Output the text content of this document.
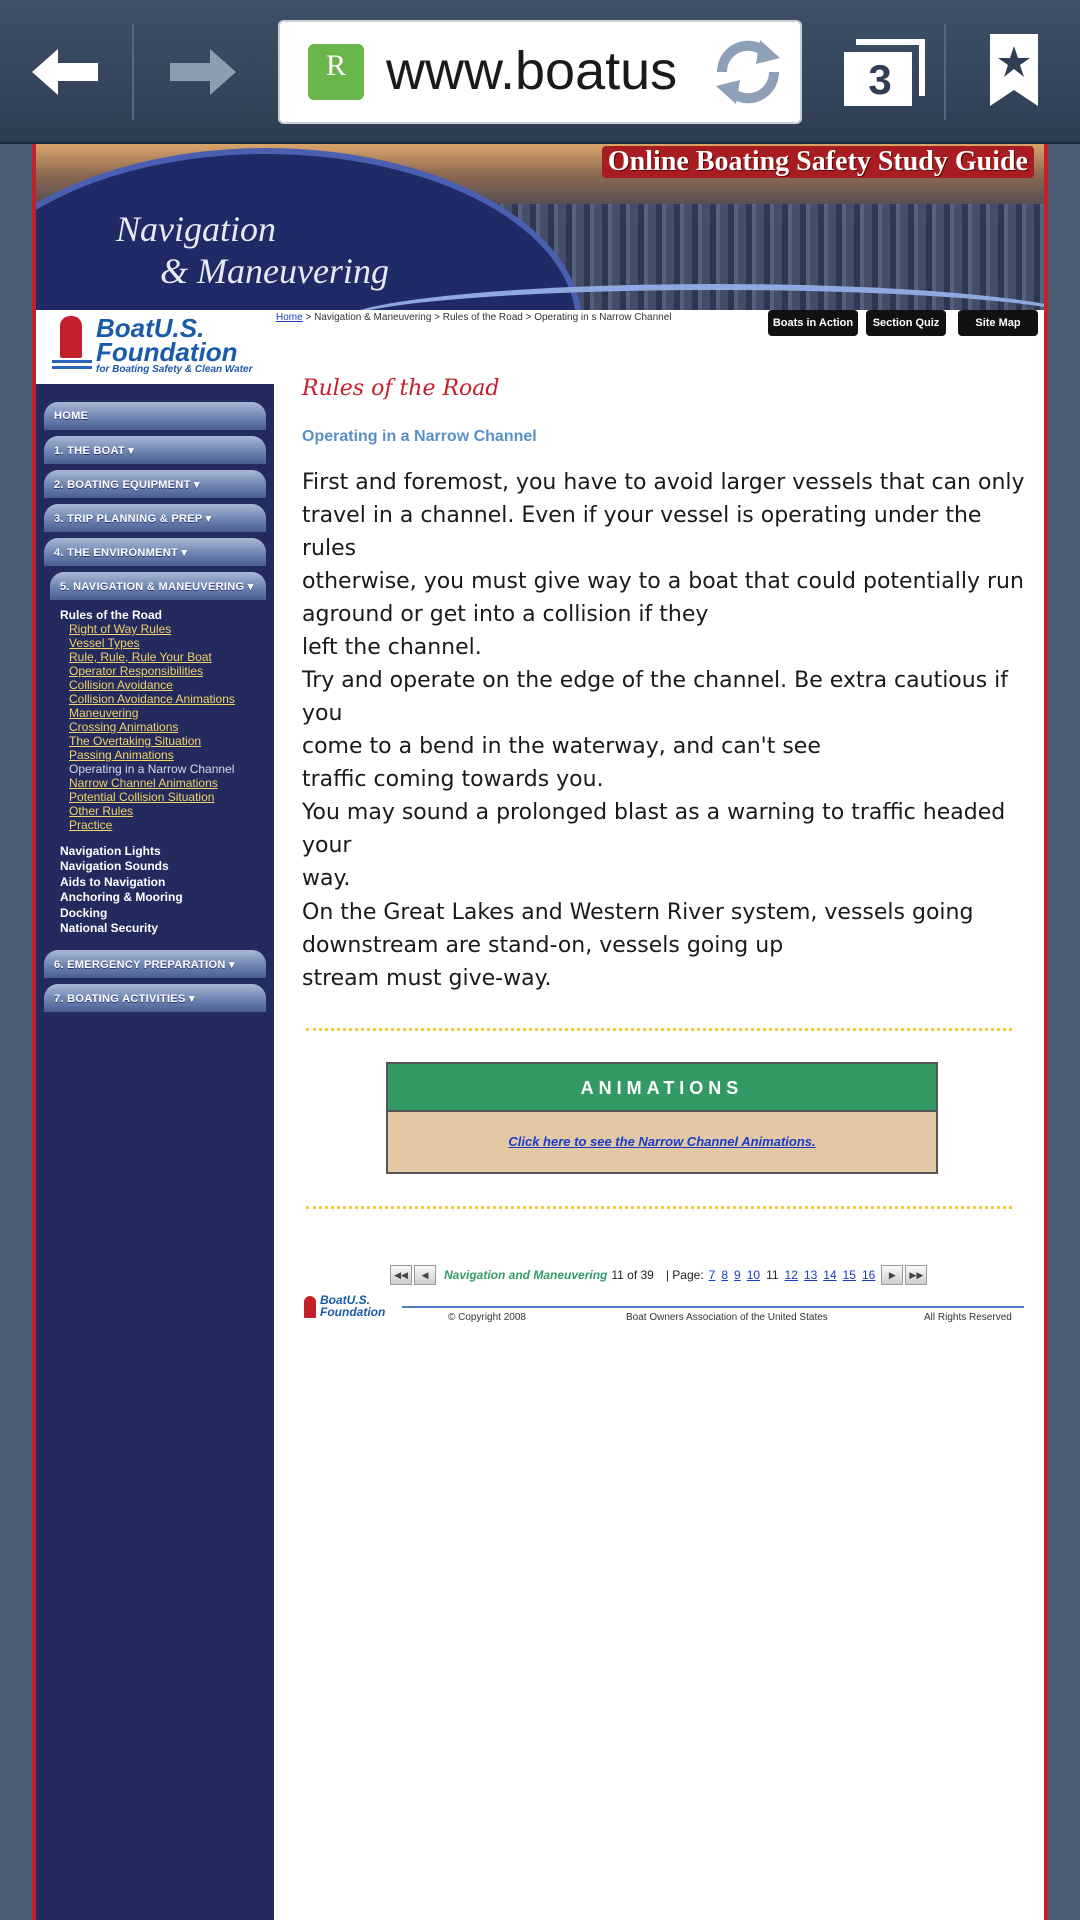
R www.boatus	3
Online Boating Safety Study Guide
Navigation
& Maneuvering
BoatU.S.
Foundation
for Boating Safety & Clean Water
HOME
1. THE BOAT ▾
2. BOATING EQUIPMENT ▾
3. TRIP PLANNING & PREP ▾
4. THE ENVIRONMENT ▾
5. NAVIGATION & MANEUVERING ▾
Rules of the Road
Right of Way Rules
Vessel Types
Rule, Rule, Rule Your Boat
Operator Responsibilities
Collision Avoidance
Collision Avoidance Animations
Maneuvering
Crossing Animations
The Overtaking Situation
Passing Animations
Operating in a Narrow Channel
Narrow Channel Animations
Potential Collision Situation
Other Rules
Practice
Navigation Lights
Navigation Sounds
Aids to Navigation
Anchoring & Mooring
Docking
National Security
6. EMERGENCY PREPARATION ▾
7. BOATING ACTIVITIES ▾
Home > Navigation & Maneuvering > Rules of the Road > Operating in s Narrow Channel	Boats in Action	Section Quiz	Site Map
Rules of the Road
Operating in a Narrow Channel
First and foremost, you have to avoid larger vessels that can only
travel in a channel. Even if your vessel is operating under the rules
otherwise, you must give way to a boat that could potentially run
aground or get into a collision if they
left the channel.
Try and operate on the edge of the channel. Be extra cautious if you
come to a bend in the waterway, and can't see
traffic coming towards you.
You may sound a prolonged blast as a warning to traffic headed your
way.
On the Great Lakes and Western River system, vessels going
downstream are stand-on, vessels going up
stream must give-way.
ANIMATIONS
Click here to see the Narrow Channel Animations.
◀◀	◀	Navigation and Maneuvering 11 of 39 | Page: 7 8 9 10 11 12 13 14 15 16	▶	▶▶
BoatU.S.
Foundation	© Copyright 2008	Boat Owners Association of the United States	All Rights Reserved
